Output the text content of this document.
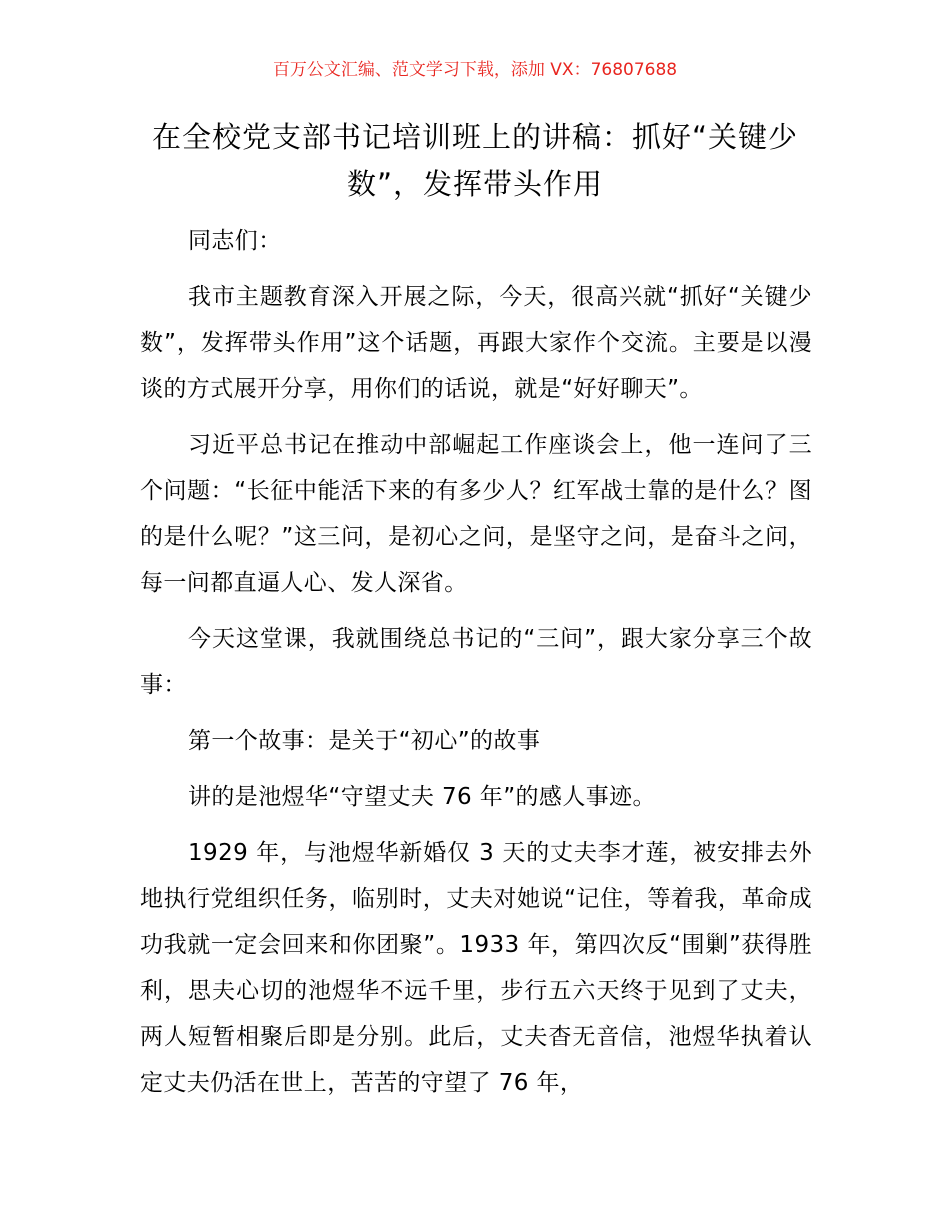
百万公文汇编、范文学习下载，添加 VX：76807688
在全校党支部书记培训班上的讲稿：抓好“关键少数”，发挥带头作用

同志们：

我市主题教育深入开展之际，今天，很高兴就“抓好“关键少数”，发挥带头作用”这个话题，再跟大家作个交流。主要是以漫谈的方式展开分享，用你们的话说，就是“好好聊天”。

习近平总书记在推动中部崛起工作座谈会上，他一连问了三个问题：“长征中能活下来的有多少人？红军战士靠的是什么？图的是什么呢？”这三问，是初心之问，是坚守之问，是奋斗之问，每一问都直逼人心、发人深省。

今天这堂课，我就围绕总书记的“三问”，跟大家分享三个故事：

第一个故事：是关于“初心”的故事

讲的是池煜华“守望丈夫 76 年”的感人事迹。

1929 年，与池煜华新婚仅 3 天的丈夫李才莲，被安排去外地执行党组织任务，临别时，丈夫对她说“记住，等着我，革命成功我就一定会回来和你团聚”。1933 年，第四次反“围剿”获得胜利，思夫心切的池煜华不远千里，步行五六天终于见到了丈夫，两人短暂相聚后即是分别。此后，丈夫杳无音信，池煜华执着认定丈夫仍活在世上，苦苦的守望了 76 年，
